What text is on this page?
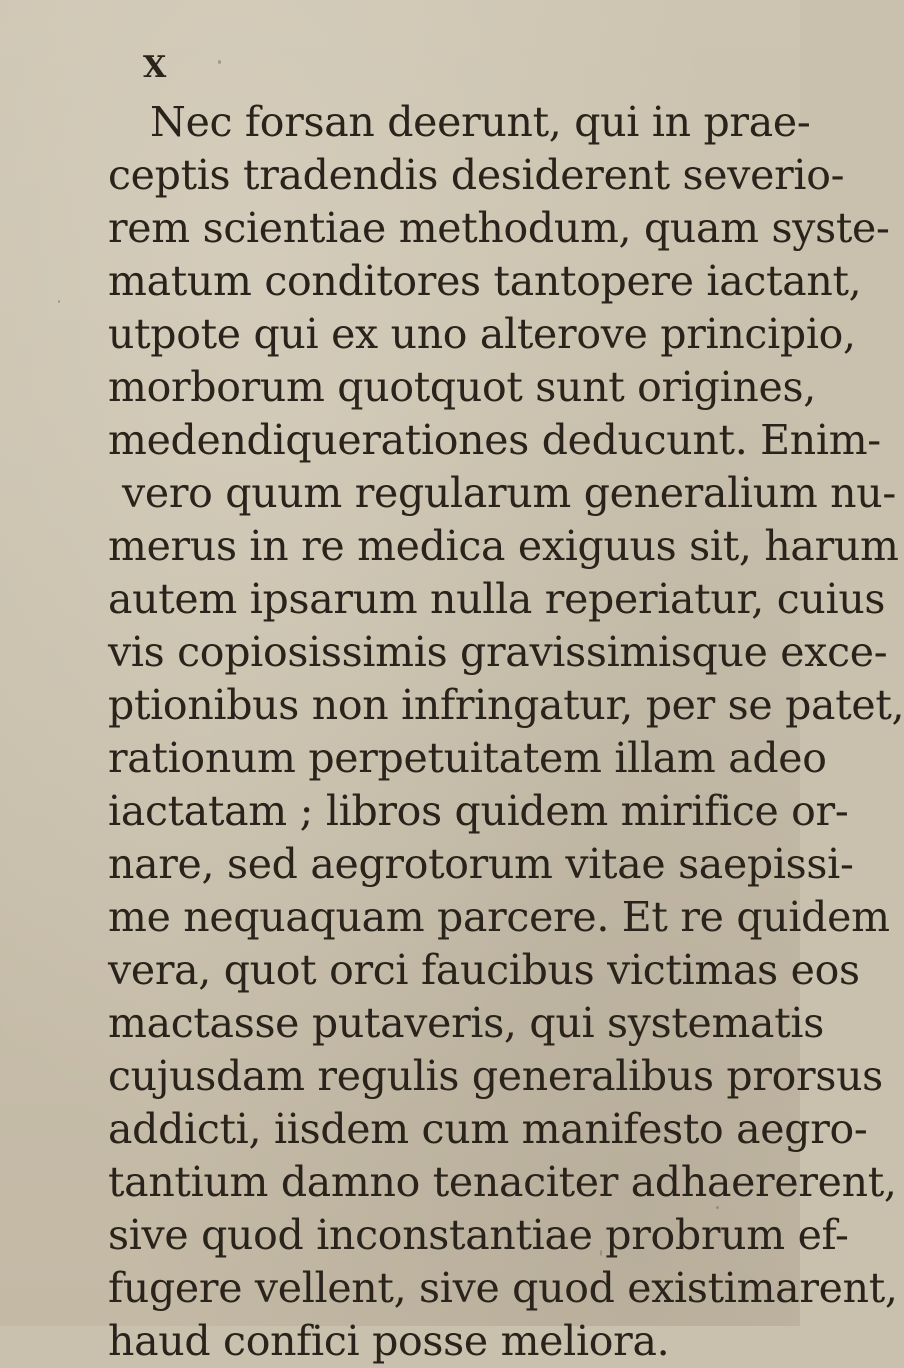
X
Nec forsan deerunt, qui in prae-
ceptis tradendis desiderent severio-
rem scientiae methodum, quam syste-
matum conditores tantopere iactant,
utpote qui ex uno alterove principio,
morborum quotquot sunt origines,
medendiquerationes deducunt. Enim-
vero quum regularum generalium nu-
merus in re medica exiguus sit, harum
autem ipsarum nulla reperiatur, cuius
vis copiosissimis gravissimisque exce-
ptionibus non infringatur, per se patet,
rationum perpetuitatem illam adeo
iactatam ; libros quidem mirifice or-
nare, sed aegrotorum vitae saepissi-
me nequaquam parcere. Et re quidem
vera, quot orci faucibus victimas eos
mactasse putaveris, qui systematis
cujusdam regulis generalibus prorsus
addicti, iisdem cum manifesto aegro-
tantium damno tenaciter adhaererent,
sive quod inconstantiae probrum ef-
fugere vellent, sive quod existimarent,
haud confici posse meliora.
